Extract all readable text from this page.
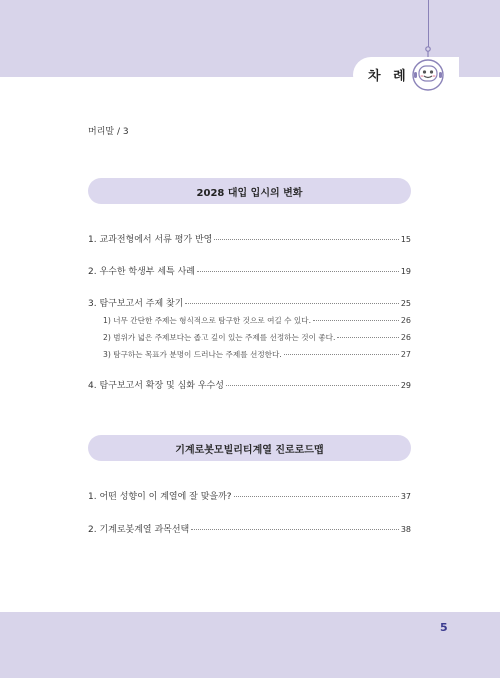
차 례
머리말 / 3
2028 대입 입시의 변화
1. 교과전형에서 서류 평가 반영	15
2. 우수한 학생부 세특 사례	19
3. 탐구보고서 주제 찾기	25
1) 너무 간단한 주제는 형식적으로 탐구한 것으로 여길 수 있다.	26
2) 범위가 넓은 주제보다는 좁고 깊이 있는 주제를 선정하는 것이 좋다.	26
3) 탐구하는 목표가 분명이 드러나는 주제를 선정한다.	27
4. 탐구보고서 확장 및 심화 우수성	29
기계로봇모빌리티계열 진로로드맵
1. 어떤 성향이 이 계열에 잘 맞을까?	37
2. 기계로봇계열 과목선택	38
5
